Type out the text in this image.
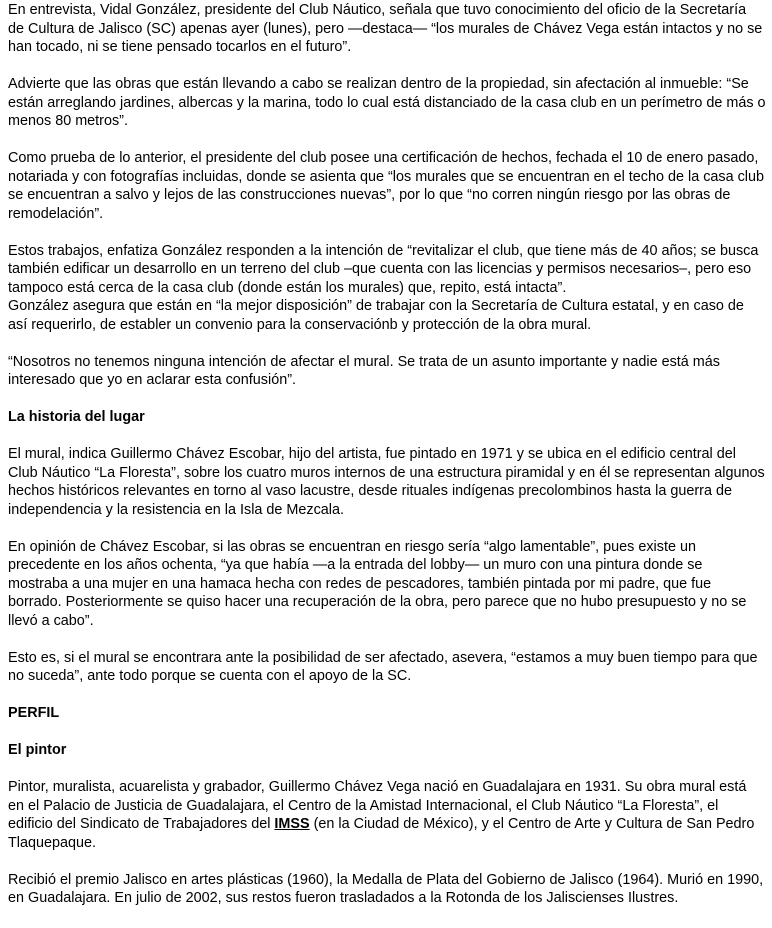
En entrevista, Vidal González, presidente del Club Náutico, señala que tuvo conocimiento del oficio de la Secretaría de Cultura de Jalisco (SC) apenas ayer (lunes), pero —destaca— “los murales de Chávez Vega están intactos y no se han tocado, ni se tiene pensado tocarlos en el futuro”.

Advierte que las obras que están llevando a cabo se realizan dentro de la propiedad, sin afectación al inmueble: “Se están arreglando jardines, albercas y la marina, todo lo cual está distanciado de la casa club en un perímetro de más o menos 80 metros”.

Como prueba de lo anterior, el presidente del club posee una certificación de hechos, fechada el 10 de enero pasado, notariada y con fotografías incluidas, donde se asienta que “los murales que se encuentran en el techo de la casa club se encuentran a salvo y lejos de las construcciones nuevas”, por lo que “no corren ningún riesgo por las obras de remodelación”.

Estos trabajos, enfatiza González responden a la intención de “revitalizar el club, que tiene más de 40 años; se busca también edificar un desarrollo en un terreno del club –que cuenta con las licencias y permisos necesarios–, pero eso tampoco está cerca de la casa club (donde están los murales) que, repito, está intacta”.

González asegura que están en “la mejor disposición” de trabajar con la Secretaría de Cultura estatal, y en caso de así requerirlo, de establer un convenio para la conservaciónb y protección de la obra mural.

“Nosotros no tenemos ninguna intención de afectar el mural. Se trata de un asunto importante y nadie está más interesado que yo en aclarar esta confusión”.

La historia del lugar

El mural, indica Guillermo Chávez Escobar, hijo del artista, fue pintado en 1971 y se ubica en el edificio central del Club Náutico “La Floresta”, sobre los cuatro muros internos de una estructura piramidal y en él se representan algunos hechos históricos relevantes en torno al vaso lacustre, desde rituales indígenas precolombinos hasta la guerra de independencia y la resistencia en la Isla de Mezcala.

En opinión de Chávez Escobar, si las obras se encuentran en riesgo sería “algo lamentable”, pues existe un precedente en los años ochenta, “ya que había —a la entrada del lobby— un muro con una pintura donde se mostraba a una mujer en una hamaca hecha con redes de pescadores, también pintada por mi padre, que fue borrado. Posteriormente se quiso hacer una recuperación de la obra, pero parece que no hubo presupuesto y no se llevó a cabo”.

Esto es, si el mural se encontrara ante la posibilidad de ser afectado, asevera, “estamos a muy buen tiempo para que no suceda”, ante todo porque se cuenta con el apoyo de la SC.

PERFIL
El pintor

Pintor, muralista, acuarelista y grabador, Guillermo Chávez Vega nació en Guadalajara en 1931. Su obra mural está en el Palacio de Justicia de Guadalajara, el Centro de la Amistad Internacional, el Club Náutico “La Floresta”, el edificio del Sindicato de Trabajadores del IMSS (en la Ciudad de México), y el Centro de Arte y Cultura de San Pedro Tlaquepaque.

Recibió el premio Jalisco en artes plásticas (1960), la Medalla de Plata del Gobierno de Jalisco (1964). Murió en 1990, en Guadalajara. En julio de 2002, sus restos fueron trasladados a la Rotonda de los Jaliscienses Ilustres.
